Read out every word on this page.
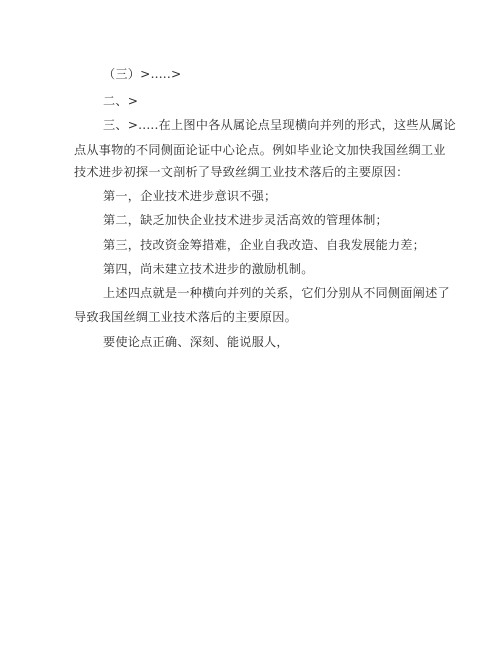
（三）>.....>
二、>
三、>.....在上图中各从属论点呈现横向并列的形式，这些从属论
点从事物的不同侧面论证中心论点。例如毕业论文加快我国丝绸工业
技术进步初探一文剖析了导致丝绸工业技术落后的主要原因：
第一，企业技术进步意识不强；
第二，缺乏加快企业技术进步灵活高效的管理体制；
第三，技改资金筹措难，企业自我改造、自我发展能力差；
第四，尚未建立技术进步的激励机制。
上述四点就是一种横向并列的关系，它们分别从不同侧面阐述了
导致我国丝绸工业技术落后的主要原因。
要使论点正确、深刻、能说服人，
